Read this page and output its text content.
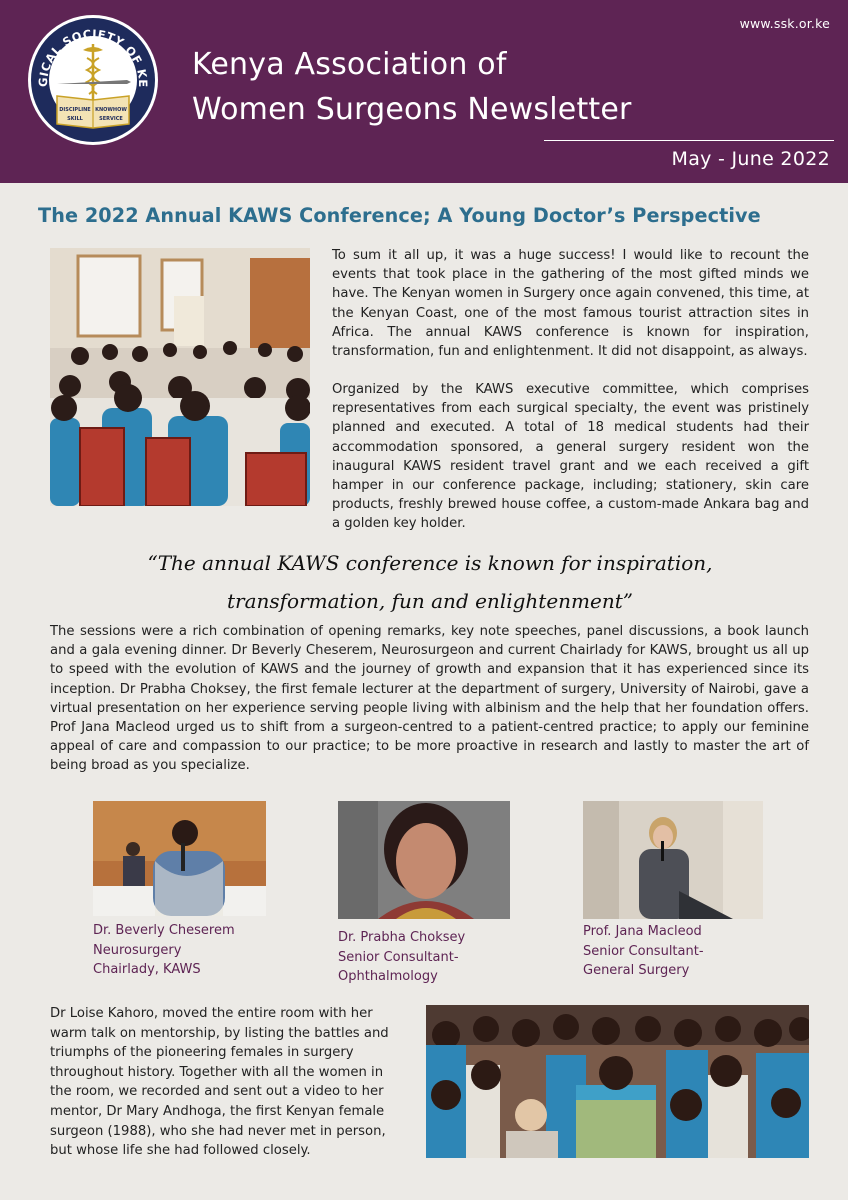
GICAL SOCIETY OF KE
DISCIPLINE KNOWHOW
SKILL	SERVICE
www.ssk.or.ke
Kenya Association of
Women Surgeons Newsletter
May - June 2022
The 2022 Annual KAWS Conference; A Young Doctor’s Perspective

To sum it all up, it was a huge success! I would like to recount the events that took place in the gathering of the most gifted minds we have. The Kenyan women in Surgery once again convened, this time, at the Kenyan Coast, one of the most famous tourist attraction sites in Africa. The annual KAWS conference is known for inspiration, transformation, fun and enlightenment. It did not disappoint, as always.

Organized by the KAWS executive committee, which comprises representatives from each surgical specialty, the event was pristinely planned and executed. A total of 18 medical students had their accommodation sponsored, a general surgery resident won the inaugural KAWS resident travel grant and we each received a gift hamper in our conference package, including; stationery, skin care products, freshly brewed house coffee, a custom-made Ankara bag and a golden key holder.

“The annual KAWS conference is known for inspiration,
transformation, fun and enlightenment”

The sessions were a rich combination of opening remarks, key note speeches, panel discussions, a book launch and a gala evening dinner. Dr Beverly Cheserem, Neurosurgeon and current Chairlady for KAWS, brought us all up to speed with the evolution of KAWS and the journey of growth and expansion that it has experienced since its inception. Dr Prabha Choksey, the first female lecturer at the department of surgery, University of Nairobi, gave a virtual presentation on her experience serving people living with albinism and the help that her foundation offers. Prof Jana Macleod urged us to shift from a surgeon-centred to a patient-centred practice; to apply our feminine appeal of care and compassion to our practice; to be more proactive in research and lastly to master the art of being broad as you specialize.

Dr. Beverly Cheserem
Neurosurgery
Chairlady, KAWS
Dr. Prabha Choksey
Senior Consultant-
Ophthalmology
Prof. Jana Macleod
Senior Consultant-
General Surgery

Dr Loise Kahoro, moved the entire room with her warm talk on mentorship, by listing the battles and triumphs of the pioneering females in surgery throughout history. Together with all the women in the room, we recorded and sent out a video to her mentor, Dr Mary Andhoga, the first Kenyan female surgeon (1988), who she had never met in person, but whose life she had followed closely.
